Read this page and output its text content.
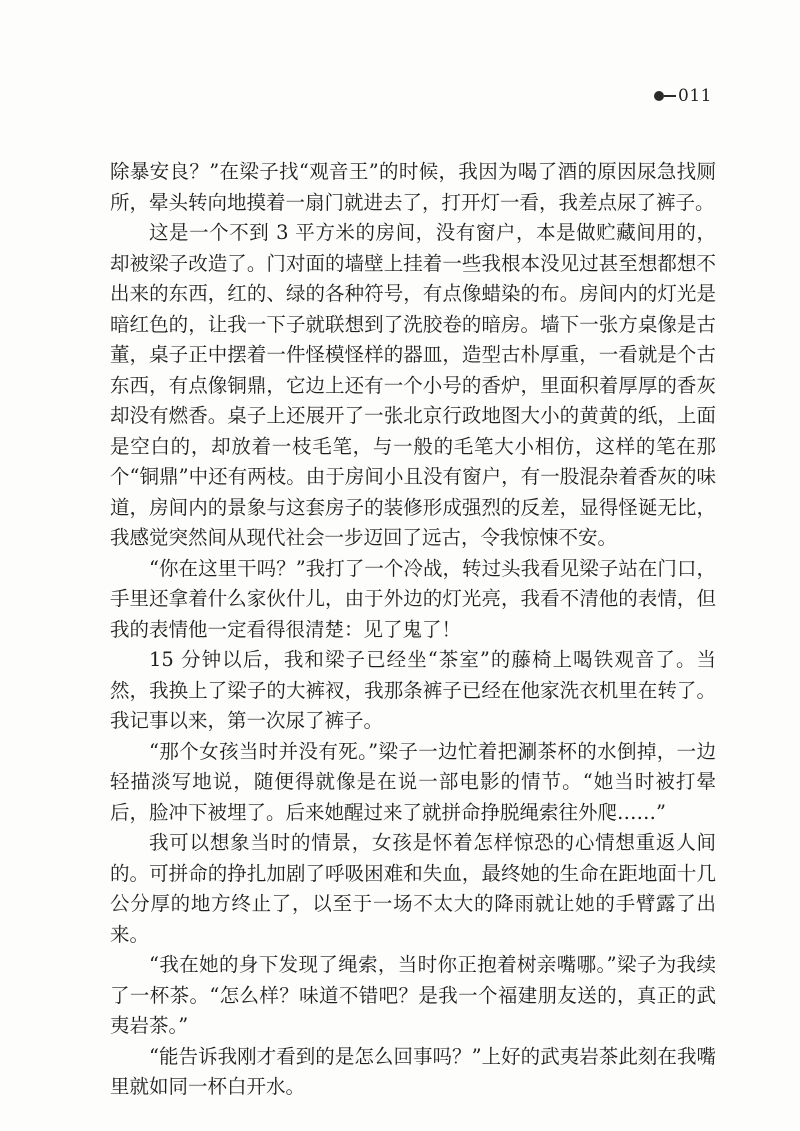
011

除暴安良？”在梁子找“观音王”的时候，我因为喝了酒的原因尿急找厕所，晕头转向地摸着一扇门就进去了，打开灯一看，我差点尿了裤子。

这是一个不到 3 平方米的房间，没有窗户，本是做贮藏间用的，却被梁子改造了。门对面的墙壁上挂着一些我根本没见过甚至想都想不出来的东西，红的、绿的各种符号，有点像蜡染的布。房间内的灯光是暗红色的，让我一下子就联想到了洗胶卷的暗房。墙下一张方桌像是古董，桌子正中摆着一件怪模怪样的器皿，造型古朴厚重，一看就是个古东西，有点像铜鼎，它边上还有一个小号的香炉，里面积着厚厚的香灰却没有燃香。桌子上还展开了一张北京行政地图大小的黄黄的纸，上面是空白的，却放着一枝毛笔，与一般的毛笔大小相仿，这样的笔在那个“铜鼎”中还有两枝。由于房间小且没有窗户，有一股混杂着香灰的味道，房间内的景象与这套房子的装修形成强烈的反差，显得怪诞无比，我感觉突然间从现代社会一步迈回了远古，令我惊悚不安。

“你在这里干吗？”我打了一个冷战，转过头我看见梁子站在门口，手里还拿着什么家伙什儿，由于外边的灯光亮，我看不清他的表情，但我的表情他一定看得很清楚：见了鬼了！

15 分钟以后，我和梁子已经坐“茶室”的藤椅上喝铁观音了。当然，我换上了梁子的大裤衩，我那条裤子已经在他家洗衣机里在转了。我记事以来，第一次尿了裤子。

“那个女孩当时并没有死。”梁子一边忙着把涮茶杯的水倒掉，一边轻描淡写地说，随便得就像是在说一部电影的情节。“她当时被打晕后，脸冲下被埋了。后来她醒过来了就拼命挣脱绳索往外爬……”

我可以想象当时的情景，女孩是怀着怎样惊恐的心情想重返人间的。可拼命的挣扎加剧了呼吸困难和失血，最终她的生命在距地面十几公分厚的地方终止了，以至于一场不太大的降雨就让她的手臂露了出来。

“我在她的身下发现了绳索，当时你正抱着树亲嘴哪。”梁子为我续了一杯茶。“怎么样？味道不错吧？是我一个福建朋友送的，真正的武夷岩茶。”

“能告诉我刚才看到的是怎么回事吗？”上好的武夷岩茶此刻在我嘴里就如同一杯白开水。
